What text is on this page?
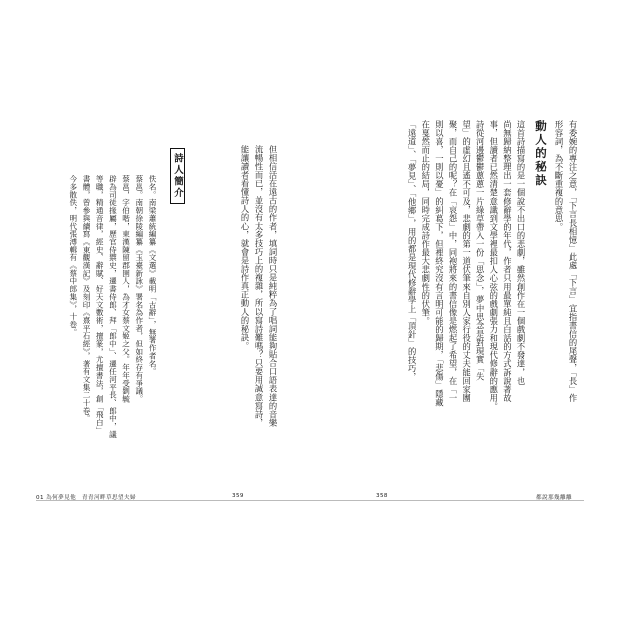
有委婉的專注之意，「下言長相憶」此處「下言」宜指書信的尾聲，「長」作
形容詞，為不斷重複的意思。
動人的秘訣
這首詩描寫的是一個說不出口的悲劇，雖然創作在一個戲劇不發達，也
尚無歸納整理出一套修辭學的年代，作者只用最單純且白話的方式訴說著故
事，但讀者已然清楚意識到文學裡最扣人心弦的戲劇張力和現代修辭的應用。
詩從河邊鬱鬱蔥蔥一片綠草帶入一份「思念」，夢中思念是對現實「失
望」的虛幻且遙不可及，悲劇的第一道伏筆來自別人家行役的丈夫能回家團
聚，而自己的呢？在「哀怨」中，同袍將來的書信像是燃起了希望，在「一
則以喜，一則以憂」的糾葛下，但裡終究沒有言明可能的歸期，「悲傷」隱藏
在戛然而止的結局，同時完成詩作最大悲劇性的伏筆。
「遠道」、「夢見」、「他鄉」，用的都是現代修辭學上「頂針」的技巧，
但相信活在遠古的作者，填詞時只是純粹為了唱詞能夠貼合口語表達的音樂
流暢性而已，並沒有太多技巧上的複雜，所以寫詩難嗎？只要用誠意寫詩，
能讓讀者看懂詩人的心，就會是詩作真正動人的秘訣。
詩人簡介
佚名。南梁蕭統編纂《文選》載明「古辭」，無署作者名。
蔡邕。南朝徐陵編纂《玉臺新詠》署名為作者，但如終存有爭議。
蔡邕，字伯喈，東漢陳留郡圉人，為才女蔡文姬之父。年年受劉毓
辟為司徒掾屬，歷官侍禦史，遷書侍郎、拜「郎中」、遷任河平長、郎中，議
等職，精通音律，經史、辭賦、好天文數術，擅篆，尤擅書法，創「飛白」
書體，曾參與續寫《東觀漢記》及刻印《熹平石經》，著有文集二十卷。
今多散佚，明代張溥輯有《蔡中郎集》，十卷。
01 為何夢見他　青青河畔草思望夫婦	359	358	都說那幾離離
